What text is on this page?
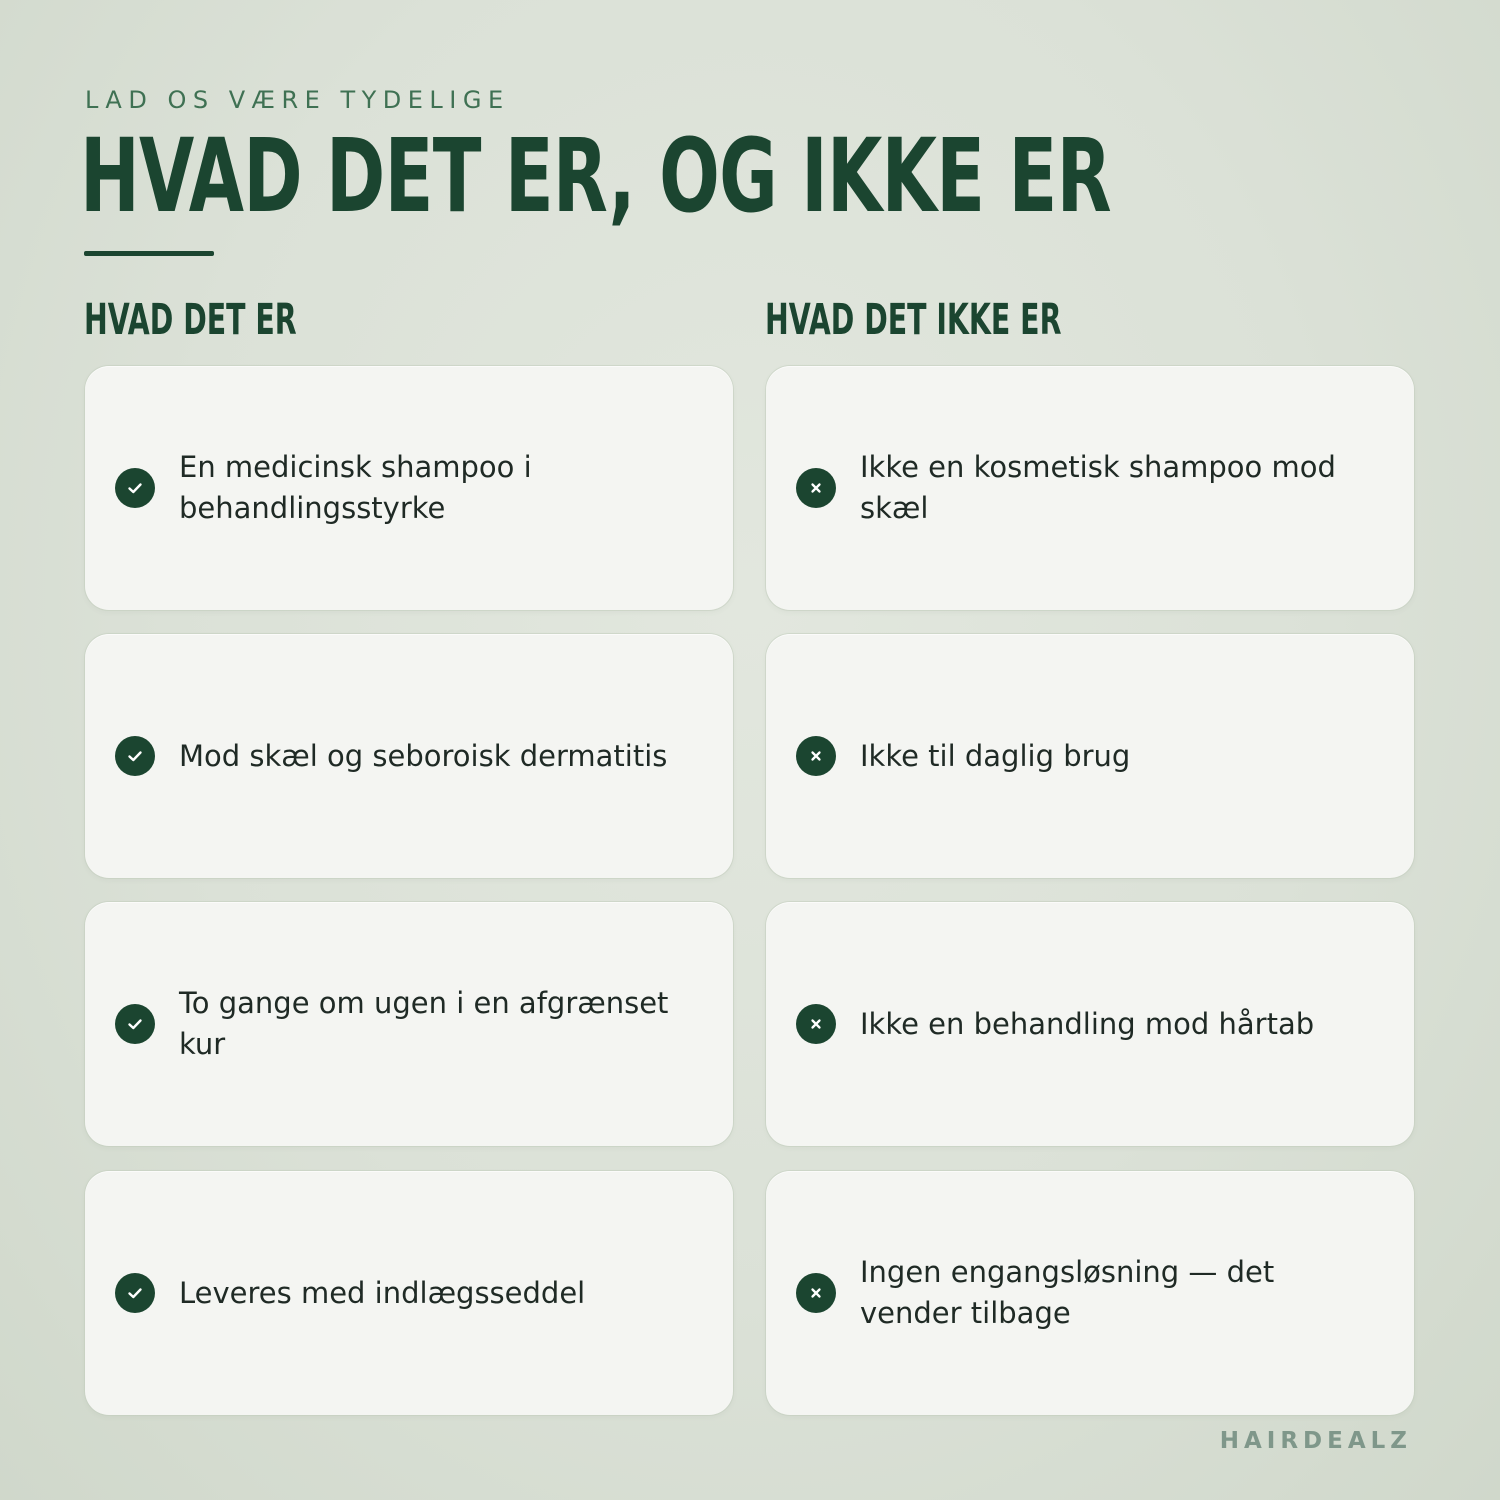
LAD OS VÆRE TYDELIGE
HVAD DET ER, OG IKKE ER
HVAD DET ER	HVAD DET IKKE ER
En medicinsk shampoo i behandlingsstyrke
Mod skæl og seboroisk dermatitis
To gange om ugen i en afgrænset kur
Leveres med indlægsseddel
Ikke en kosmetisk shampoo mod skæl
Ikke til daglig brug
Ikke en behandling mod hårtab
Ingen engangsløsning — det vender tilbage
HAIRDEALZ
